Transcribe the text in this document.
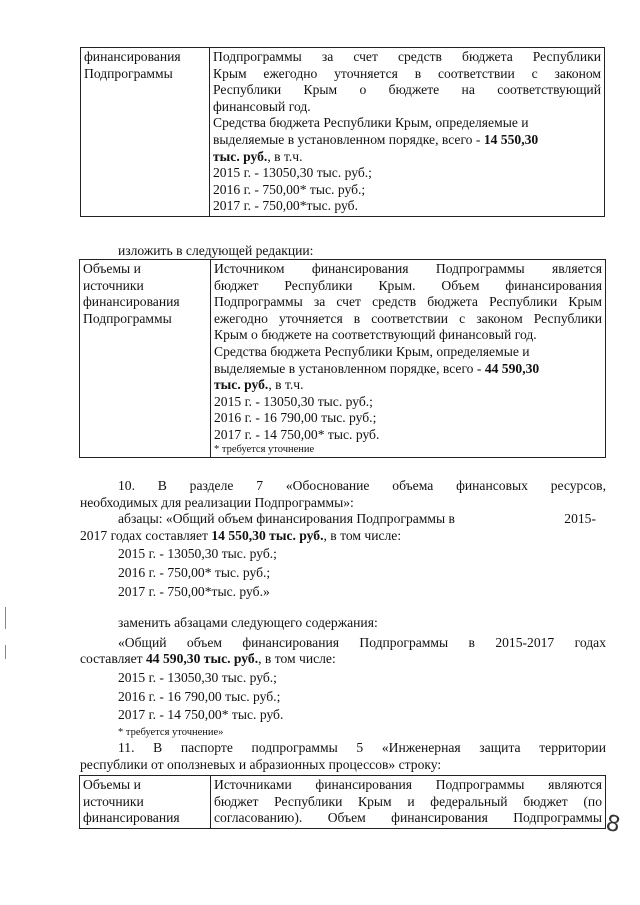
финансирования
Подпрограммы

Подпрограммы за счет средств бюджета Республики
Крым ежегодно уточняется в соответствии с законом
Республики Крым о бюджете на соответствующий
финансовый год.
Средства бюджета Республики Крым, определяемые и
выделяемые в установленном порядке, всего - 14 550,30
тыс. руб., в т.ч.
2015 г. - 13050,30 тыс. руб.;
2016 г. - 750,00* тыс. руб.;
2017 г. - 750,00*тыс. руб.
изложить в следующей редакции:
Объемы и
источники
финансирования
Подпрограммы

Источником финансирования Подпрограммы является
бюджет Республики Крым. Объем финансирования
Подпрограммы за счет средств бюджета Республики Крым
ежегодно уточняется в соответствии с законом Республики
Крым о бюджете на соответствующий финансовый год.
Средства бюджета Республики Крым, определяемые и
выделяемые в установленном порядке, всего - 44 590,30
тыс. руб., в т.ч.
2015 г. - 13050,30 тыс. руб.;
2016 г. - 16 790,00 тыс. руб.;
2017 г. - 14 750,00* тыс. руб.
* требуется уточнение
10. В разделе 7 «Обоснование объема финансовых ресурсов,
необходимых для реализации Подпрограммы»:
абзацы: «Общий объем финансирования Подпрограммы в	2015-
2017 годах составляет 14 550,30 тыс. руб., в том числе:
2015 г. - 13050,30 тыс. руб.;
2016 г. - 750,00* тыс. руб.;
2017 г. - 750,00*тыс. руб.»
заменить абзацами следующего содержания:
«Общий объем финансирования Подпрограммы в 2015-2017 годах
составляет 44 590,30 тыс. руб., в том числе:
2015 г. - 13050,30 тыс. руб.;
2016 г. - 16 790,00 тыс. руб.;
2017 г. - 14 750,00* тыс. руб.
* требуется уточнение»
11. В паспорте подпрограммы 5 «Инженерная защита территории
республики от оползневых и абразионных процессов» строку:
Объемы и
источники
финансирования

Источниками финансирования Подпрограммы являются
бюджет Республики Крым и федеральный бюджет (по
согласованию). Объем финансирования Подпрограммы 8
